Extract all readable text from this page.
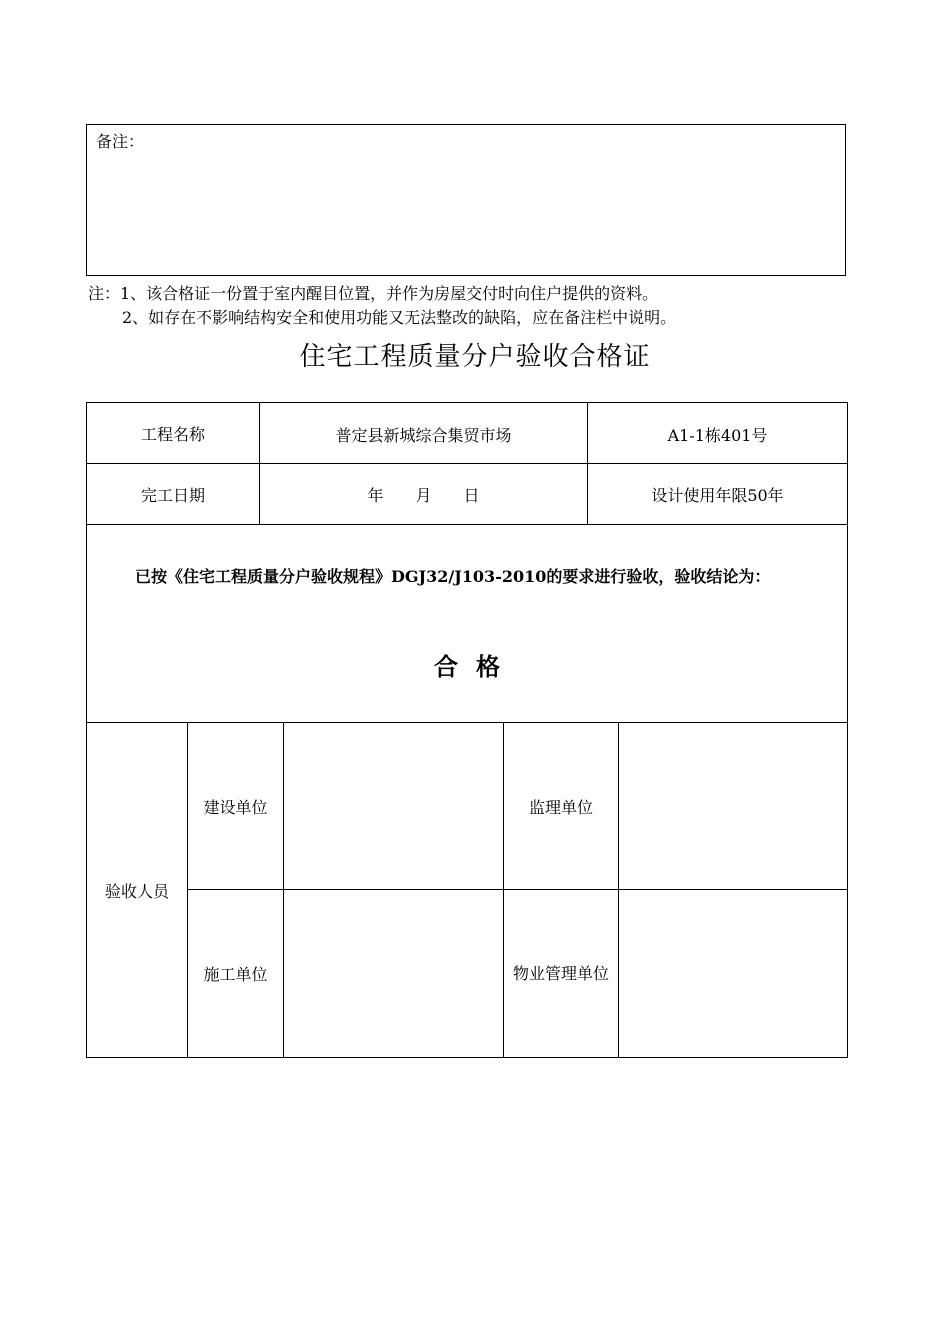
备注：
注：1、该合格证一份置于室内醒目位置，并作为房屋交付时向住户提供的资料。
2、如存在不影响结构安全和使用功能又无法整改的缺陷，应在备注栏中说明。
住宅工程质量分户验收合格证
工程名称	普定县新城综合集贸市场	A1-1栋401号
完工日期	年　　月　　日	设计使用年限50年
已按《住宅工程质量分户验收规程》DGJ32/J103-2010的要求进行验收，验收结论为：
合格
验收人员
建设单位	监理单位
施工单位	物业管理单位
